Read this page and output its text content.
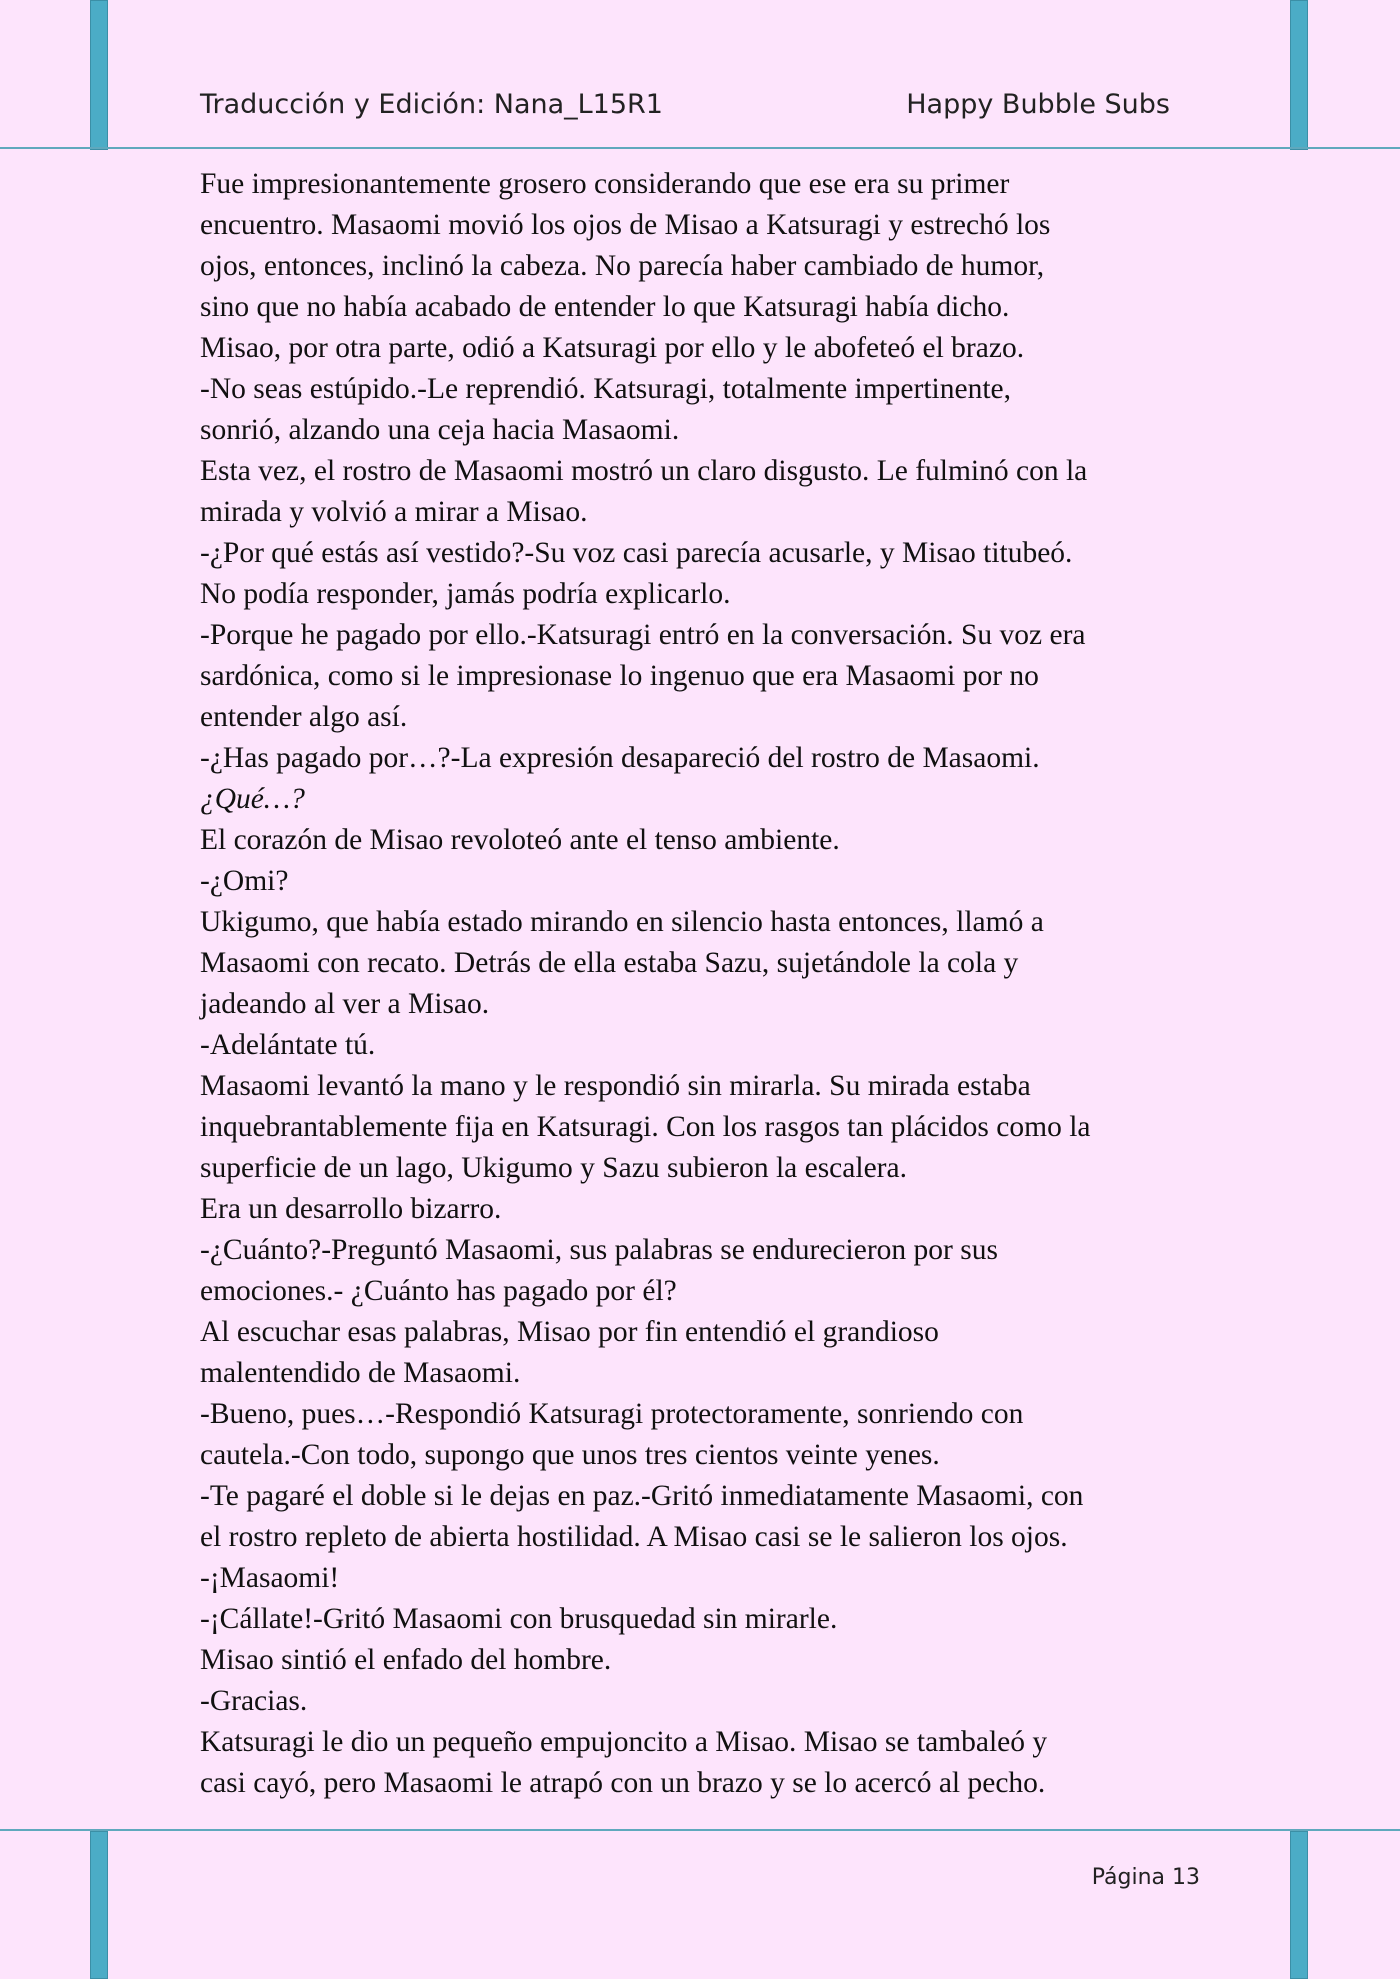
Traducción y Edición: Nana_L15R1	Happy Bubble Subs

Fue impresionantemente grosero considerando que ese era su primer

encuentro. Masaomi movió los ojos de Misao a Katsuragi y estrechó los

ojos, entonces, inclinó la cabeza. No parecía haber cambiado de humor,

sino que no había acabado de entender lo que Katsuragi había dicho.

Misao, por otra parte, odió a Katsuragi por ello y le abofeteó el brazo.

-No seas estúpido.-Le reprendió. Katsuragi, totalmente impertinente,

sonrió, alzando una ceja hacia Masaomi.

Esta vez, el rostro de Masaomi mostró un claro disgusto. Le fulminó con la

mirada y volvió a mirar a Misao.

-¿Por qué estás así vestido?-Su voz casi parecía acusarle, y Misao titubeó.

No podía responder, jamás podría explicarlo.

-Porque he pagado por ello.-Katsuragi entró en la conversación. Su voz era

sardónica, como si le impresionase lo ingenuo que era Masaomi por no

entender algo así.

-¿Has pagado por…?-La expresión desapareció del rostro de Masaomi.

¿Qué…?

El corazón de Misao revoloteó ante el tenso ambiente.

-¿Omi?

Ukigumo, que había estado mirando en silencio hasta entonces, llamó a

Masaomi con recato. Detrás de ella estaba Sazu, sujetándole la cola y

jadeando al ver a Misao.

-Adelántate tú.

Masaomi levantó la mano y le respondió sin mirarla. Su mirada estaba

inquebrantablemente fija en Katsuragi. Con los rasgos tan plácidos como la

superficie de un lago, Ukigumo y Sazu subieron la escalera.

Era un desarrollo bizarro.

-¿Cuánto?-Preguntó Masaomi, sus palabras se endurecieron por sus

emociones.- ¿Cuánto has pagado por él?

Al escuchar esas palabras, Misao por fin entendió el grandioso

malentendido de Masaomi.

-Bueno, pues…-Respondió Katsuragi protectoramente, sonriendo con

cautela.-Con todo, supongo que unos tres cientos veinte yenes.

-Te pagaré el doble si le dejas en paz.-Gritó inmediatamente Masaomi, con

el rostro repleto de abierta hostilidad. A Misao casi se le salieron los ojos.

-¡Masaomi!

-¡Cállate!-Gritó Masaomi con brusquedad sin mirarle.

Misao sintió el enfado del hombre.

-Gracias.

Katsuragi le dio un pequeño empujoncito a Misao. Misao se tambaleó y

casi cayó, pero Masaomi le atrapó con un brazo y se lo acercó al pecho.

Página 13
